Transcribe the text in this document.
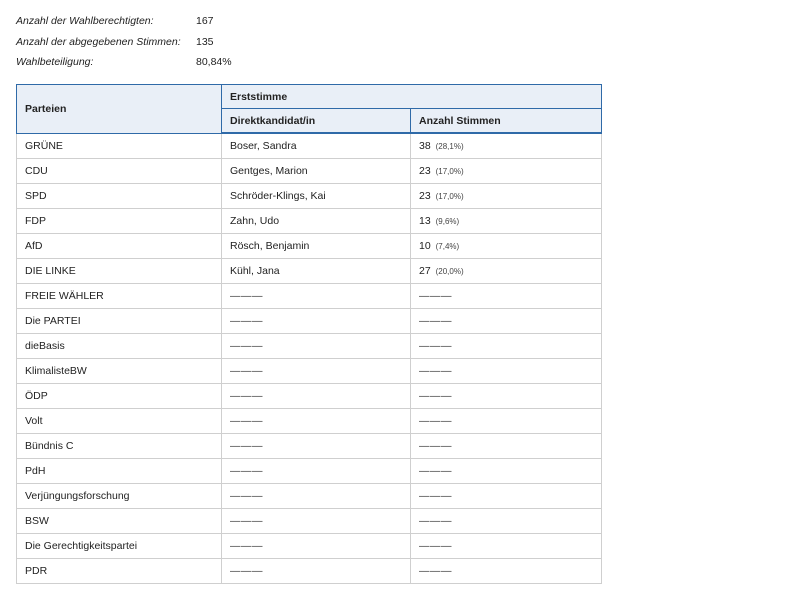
Anzahl der Wahlberechtigten:	167
Anzahl der abgegebenen Stimmen:	135
Wahlbeteiligung:	80,84%
Parteien	Erststimme	
	Direktkandidat/in	Anzahl Stimmen
GRÜNE	Boser, Sandra	38 (28,1%)
CDU	Gentges, Marion	23 (17,0%)
SPD	Schröder-Klings, Kai	23 (17,0%)
FDP	Zahn, Udo	13 (9,6%)
AfD	Rösch, Benjamin	10 (7,4%)
DIE LINKE	Kühl, Jana	27 (20,0%)
FREIE WÄHLER	———	———
Die PARTEI	———	———
dieBasis	———	———
KlimalisteBW	———	———
ÖDP	———	———
Volt	———	———
Bündnis C	———	———
PdH	———	———
Verjüngungsforschung	———	———
BSW	———	———
Die Gerechtigkeitspartei	———	———
PDR	———	———
